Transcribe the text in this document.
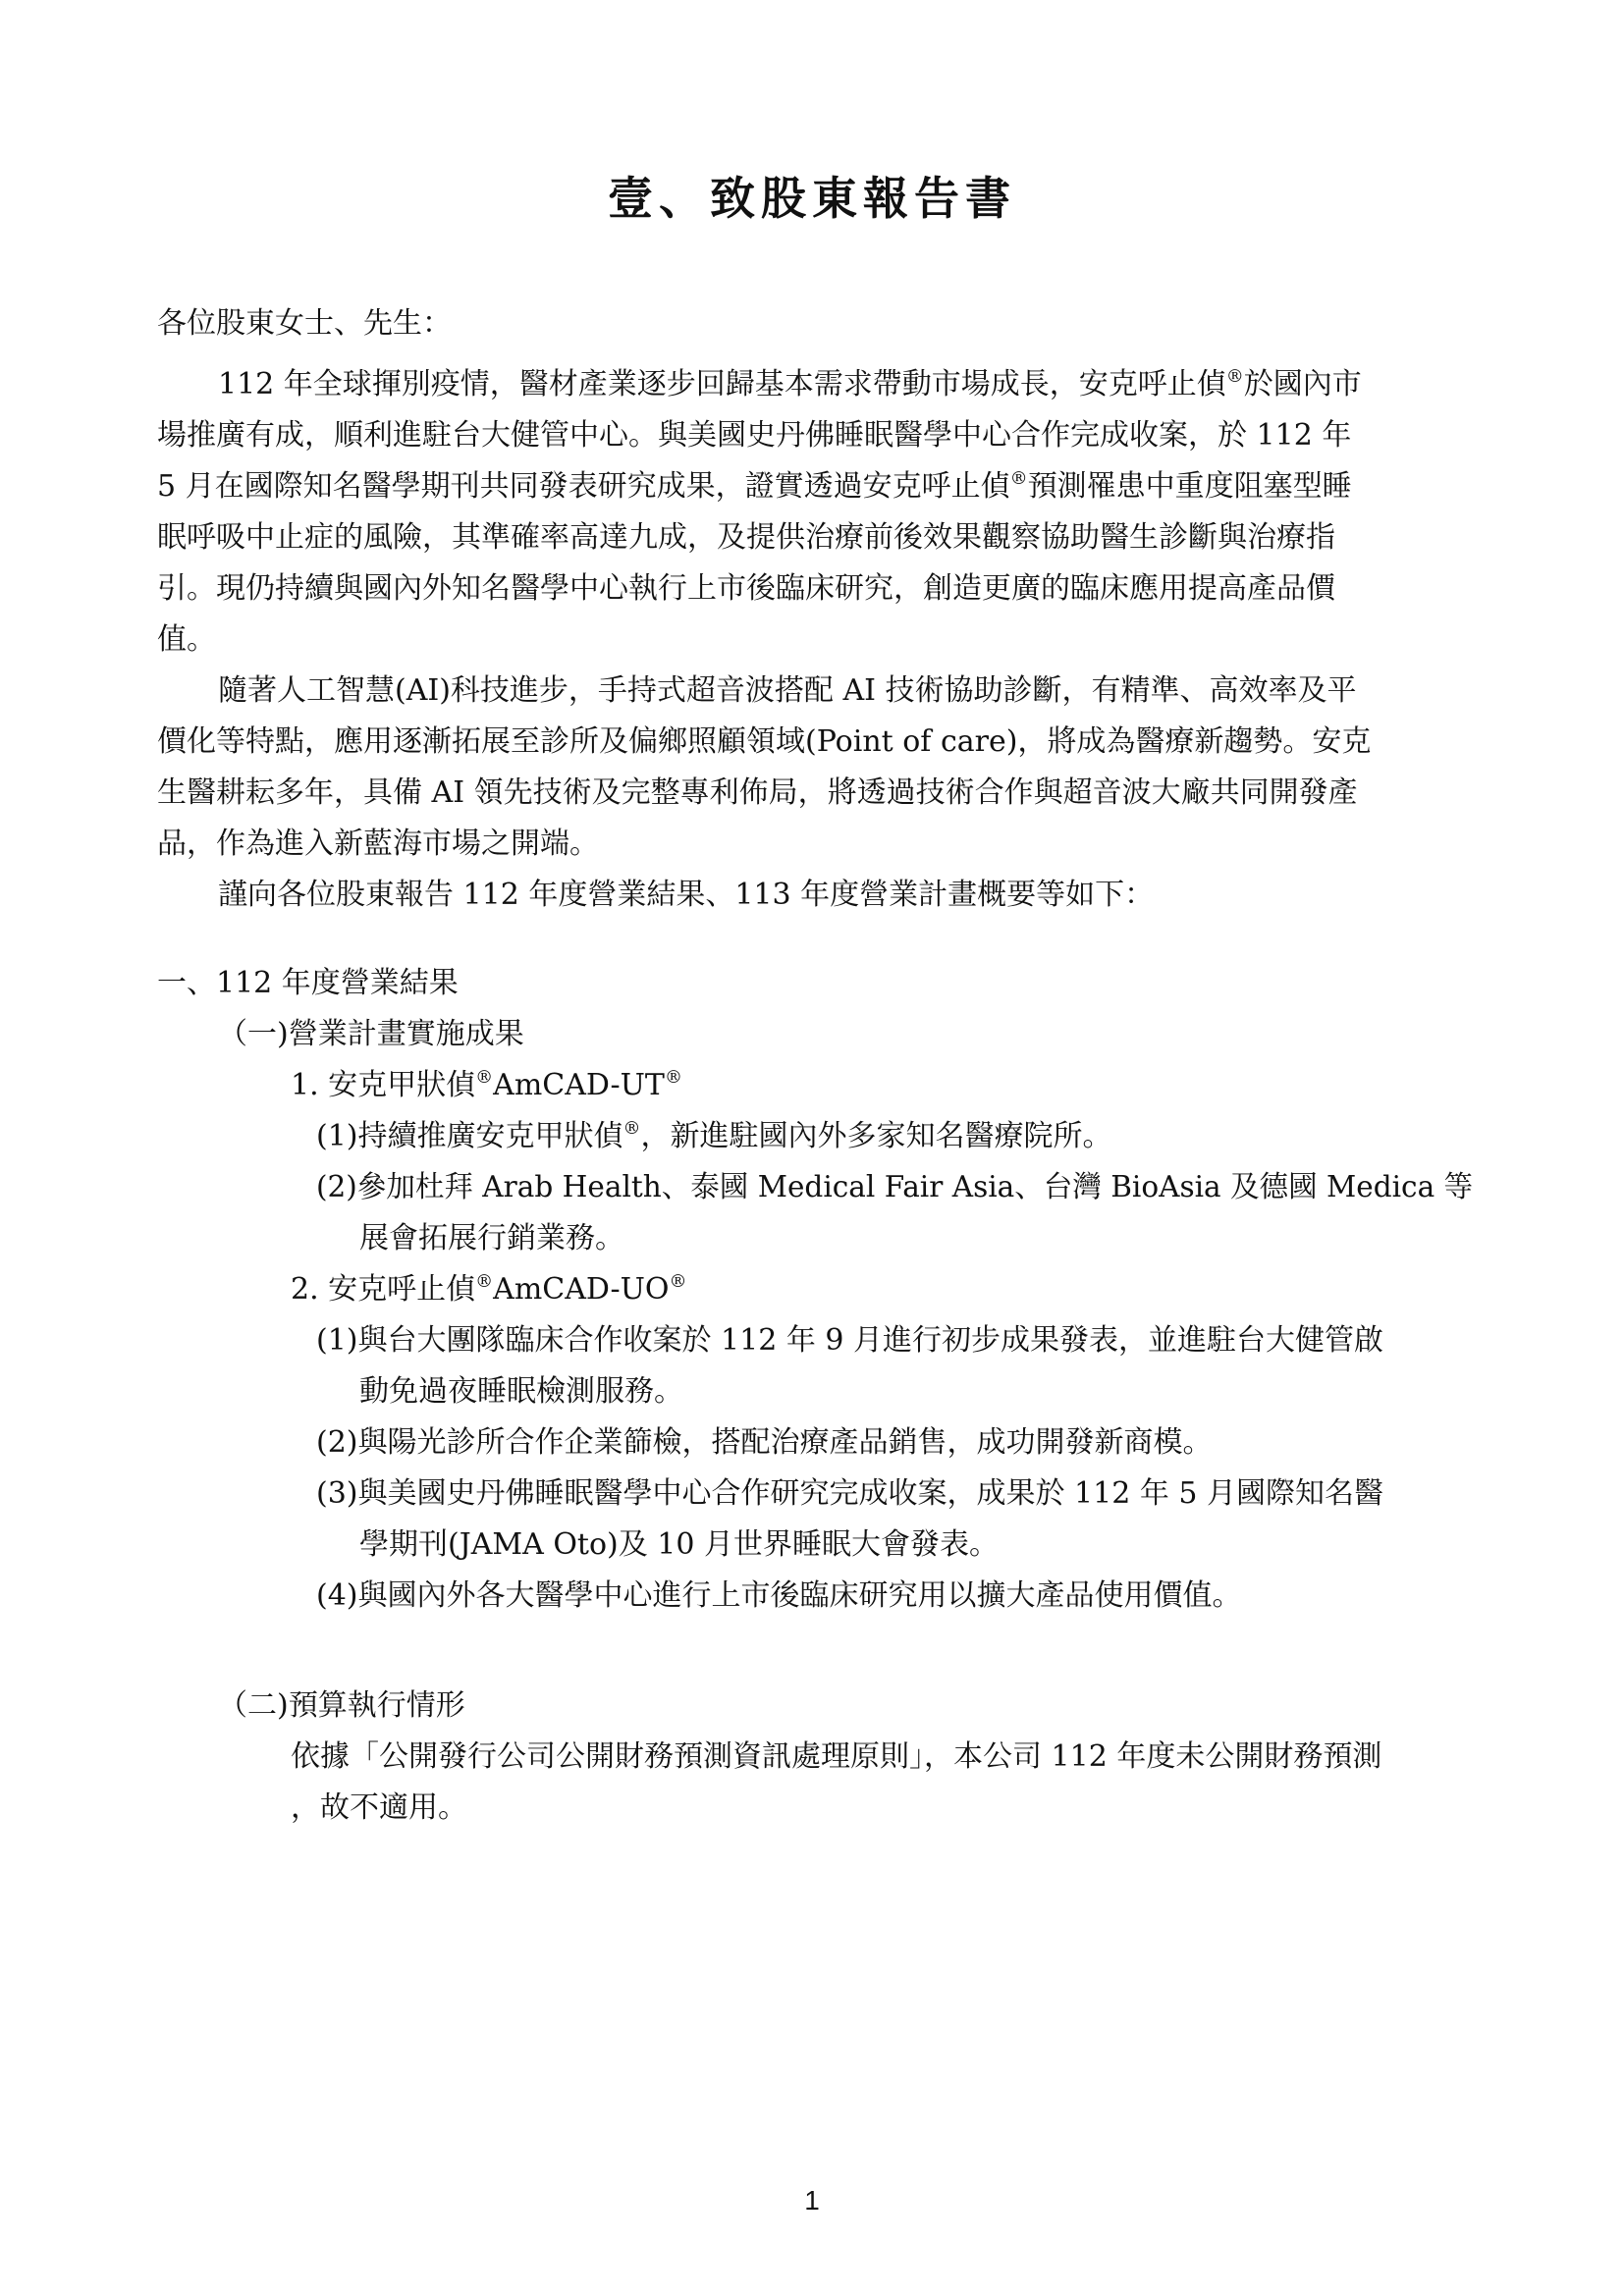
壹、致股東報告書
各位股東女士、先生：
112 年全球揮別疫情，醫材產業逐步回歸基本需求帶動市場成長，安克呼止偵®於國內市
場推廣有成，順利進駐台大健管中心。與美國史丹佛睡眠醫學中心合作完成收案，於 112 年
5 月在國際知名醫學期刊共同發表研究成果，證實透過安克呼止偵®預測罹患中重度阻塞型睡
眠呼吸中止症的風險，其準確率高達九成，及提供治療前後效果觀察協助醫生診斷與治療指
引。現仍持續與國內外知名醫學中心執行上市後臨床研究，創造更廣的臨床應用提高產品價
值。
隨著人工智慧(AI)科技進步，手持式超音波搭配 AI 技術協助診斷，有精準、高效率及平
價化等特點，應用逐漸拓展至診所及偏鄉照顧領域(Point of care)，將成為醫療新趨勢。安克
生醫耕耘多年，具備 AI 領先技術及完整專利佈局，將透過技術合作與超音波大廠共同開發產
品，作為進入新藍海市場之開端。
謹向各位股東報告 112 年度營業結果、113 年度營業計畫概要等如下：
一、112 年度營業結果
（一)營業計畫實施成果
1. 安克甲狀偵®AmCAD-UT®
(1)持續推廣安克甲狀偵®，新進駐國內外多家知名醫療院所。
(2)參加杜拜 Arab Health、泰國 Medical Fair Asia、台灣 BioAsia 及德國 Medica 等
展會拓展行銷業務。
2. 安克呼止偵®AmCAD-UO®
(1)與台大團隊臨床合作收案於 112 年 9 月進行初步成果發表，並進駐台大健管啟
動免過夜睡眠檢測服務。
(2)與陽光診所合作企業篩檢，搭配治療產品銷售，成功開發新商模。
(3)與美國史丹佛睡眠醫學中心合作研究完成收案，成果於 112 年 5 月國際知名醫
學期刊(JAMA Oto)及 10 月世界睡眠大會發表。
(4)與國內外各大醫學中心進行上市後臨床研究用以擴大產品使用價值。
（二)預算執行情形
依據「公開發行公司公開財務預測資訊處理原則」，本公司 112 年度未公開財務預測
，故不適用。
1
